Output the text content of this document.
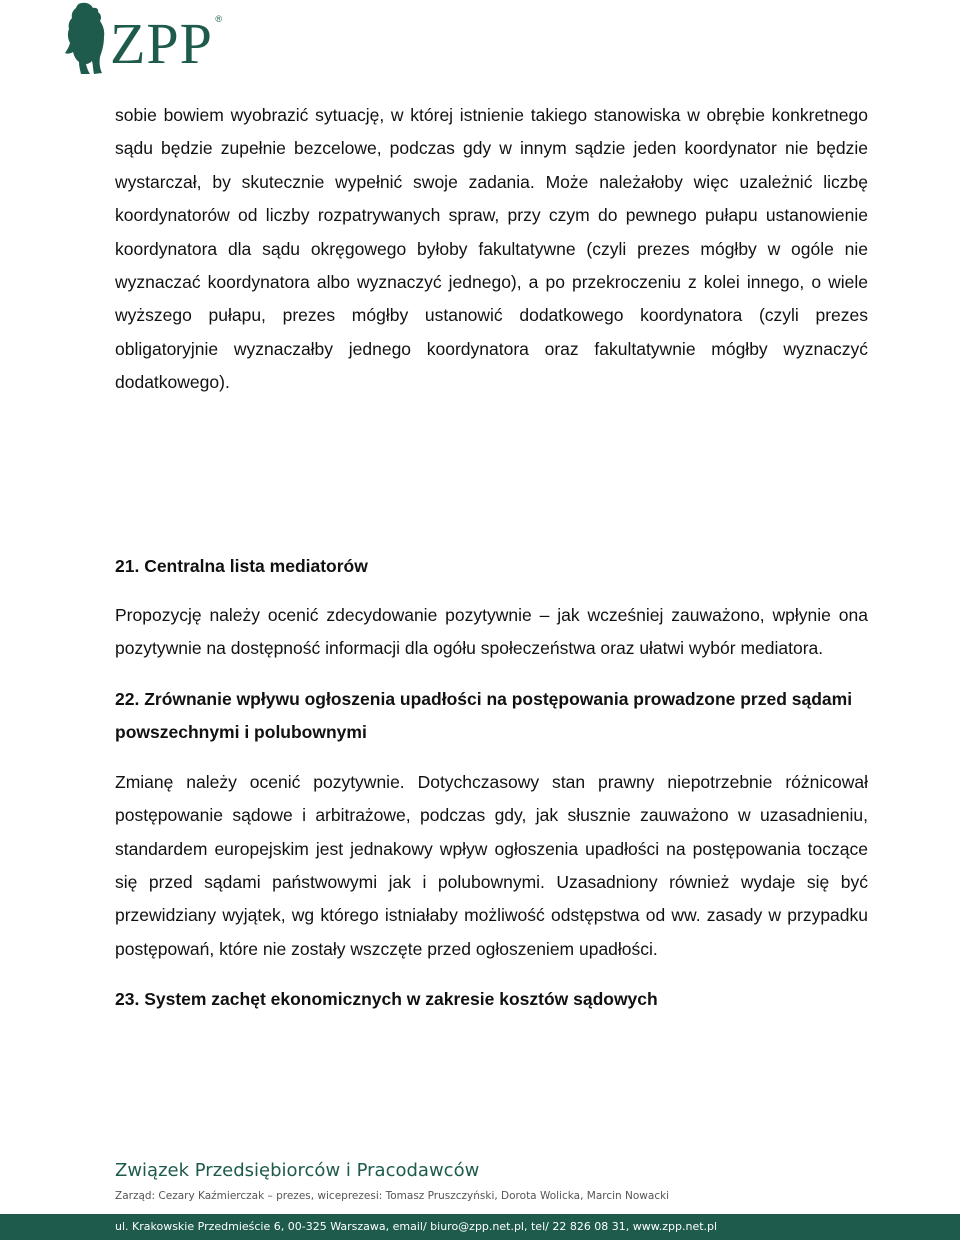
ZPP ®

sobie bowiem wyobrazić sytuację, w której istnienie takiego stanowiska w obrębie konkretnego sądu będzie zupełnie bezcelowe, podczas gdy w innym sądzie jeden koordynator nie będzie wystarczał, by skutecznie wypełnić swoje zadania. Może należałoby więc uzależnić liczbę koordynatorów od liczby rozpatrywanych spraw, przy czym do pewnego pułapu ustanowienie koordynatora dla sądu okręgowego byłoby fakultatywne (czyli prezes mógłby w ogóle nie wyznaczać koordynatora albo wyznaczyć jednego), a po przekroczeniu z kolei innego, o wiele wyższego pułapu, prezes mógłby ustanowić dodatkowego koordynatora (czyli prezes obligatoryjnie wyznaczałby jednego koordynatora oraz fakultatywnie mógłby wyznaczyć dodatkowego).

21. Centralna lista mediatorów

Propozycję należy ocenić zdecydowanie pozytywnie – jak wcześniej zauważono, wpłynie ona pozytywnie na dostępność informacji dla ogółu społeczeństwa oraz ułatwi wybór mediatora.

22. Zrównanie wpływu ogłoszenia upadłości na postępowania prowadzone przed sądami powszechnymi i polubownymi

Zmianę należy ocenić pozytywnie. Dotychczasowy stan prawny niepotrzebnie różnicował postępowanie sądowe i arbitrażowe, podczas gdy, jak słusznie zauważono w uzasadnieniu, standardem europejskim jest jednakowy wpływ ogłoszenia upadłości na postępowania toczące się przed sądami państwowymi jak i polubownymi. Uzasadniony również wydaje się być przewidziany wyjątek, wg którego istniałaby możliwość odstępstwa od ww. zasady w przypadku postępowań, które nie zostały wszczęte przed ogłoszeniem upadłości.

23. System zachęt ekonomicznych w zakresie kosztów sądowych

Związek Przedsiębiorców i Pracodawców
Zarząd: Cezary Kaźmierczak – prezes, wiceprezesi: Tomasz Pruszczyński, Dorota Wolicka, Marcin Nowacki
ul. Krakowskie Przedmieście 6, 00-325 Warszawa, email/ biuro@zpp.net.pl, tel/ 22 826 08 31, www.zpp.net.pl
